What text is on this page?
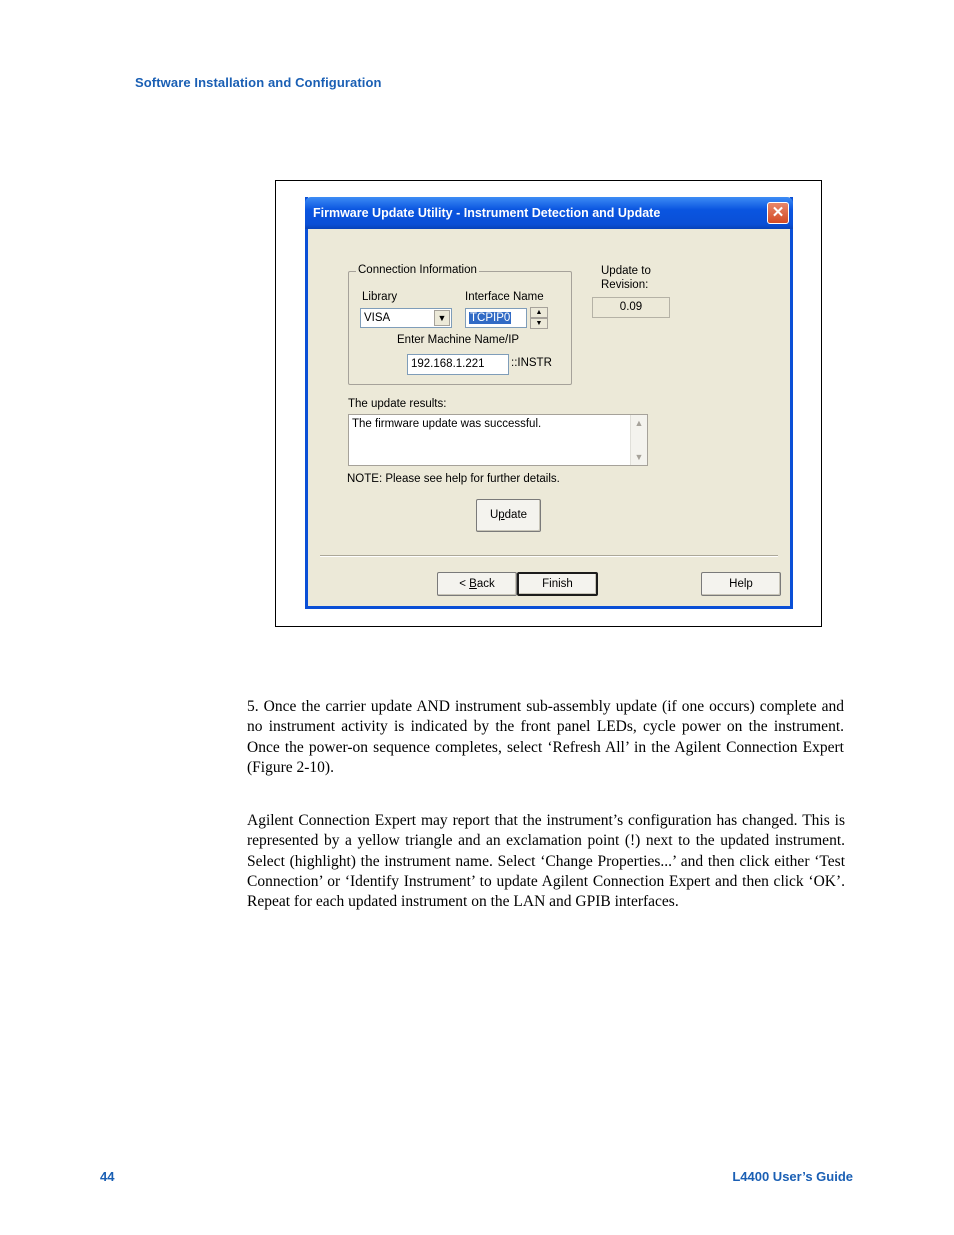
Software Installation and Configuration
Firmware Update Utility - Instrument Detection and Update	✕
Connection Information
Library
VISA	▼
Interface Name
TCPIP0	▲
▼
Enter Machine Name/IP
192.168.1.221	::INSTR
Update to
Revision:
0.09
The update results:
The firmware update was successful.	▲
▼
NOTE: Please see help for further details.
Update
< Back	Finish	Help

5. Once the carrier update AND instrument sub-assembly update (if one occurs) complete and no instrument activity is indicated by the front panel LEDs, cycle power on the instrument. Once the power-on sequence completes, select ‘Refresh All’ in the Agilent Connection Expert (Figure 2-10).

Agilent Connection Expert may report that the instrument’s configuration has changed. This is represented by a yellow triangle and an exclamation point (!) next to the updated instrument. Select (highlight) the instrument name. Select ‘Change Properties...’ and then click either ‘Test Connection’ or ‘Identify Instrument’ to update Agilent Connection Expert and then click ‘OK’. Repeat for each updated instrument on the LAN and GPIB interfaces.

44	L4400 User’s Guide
